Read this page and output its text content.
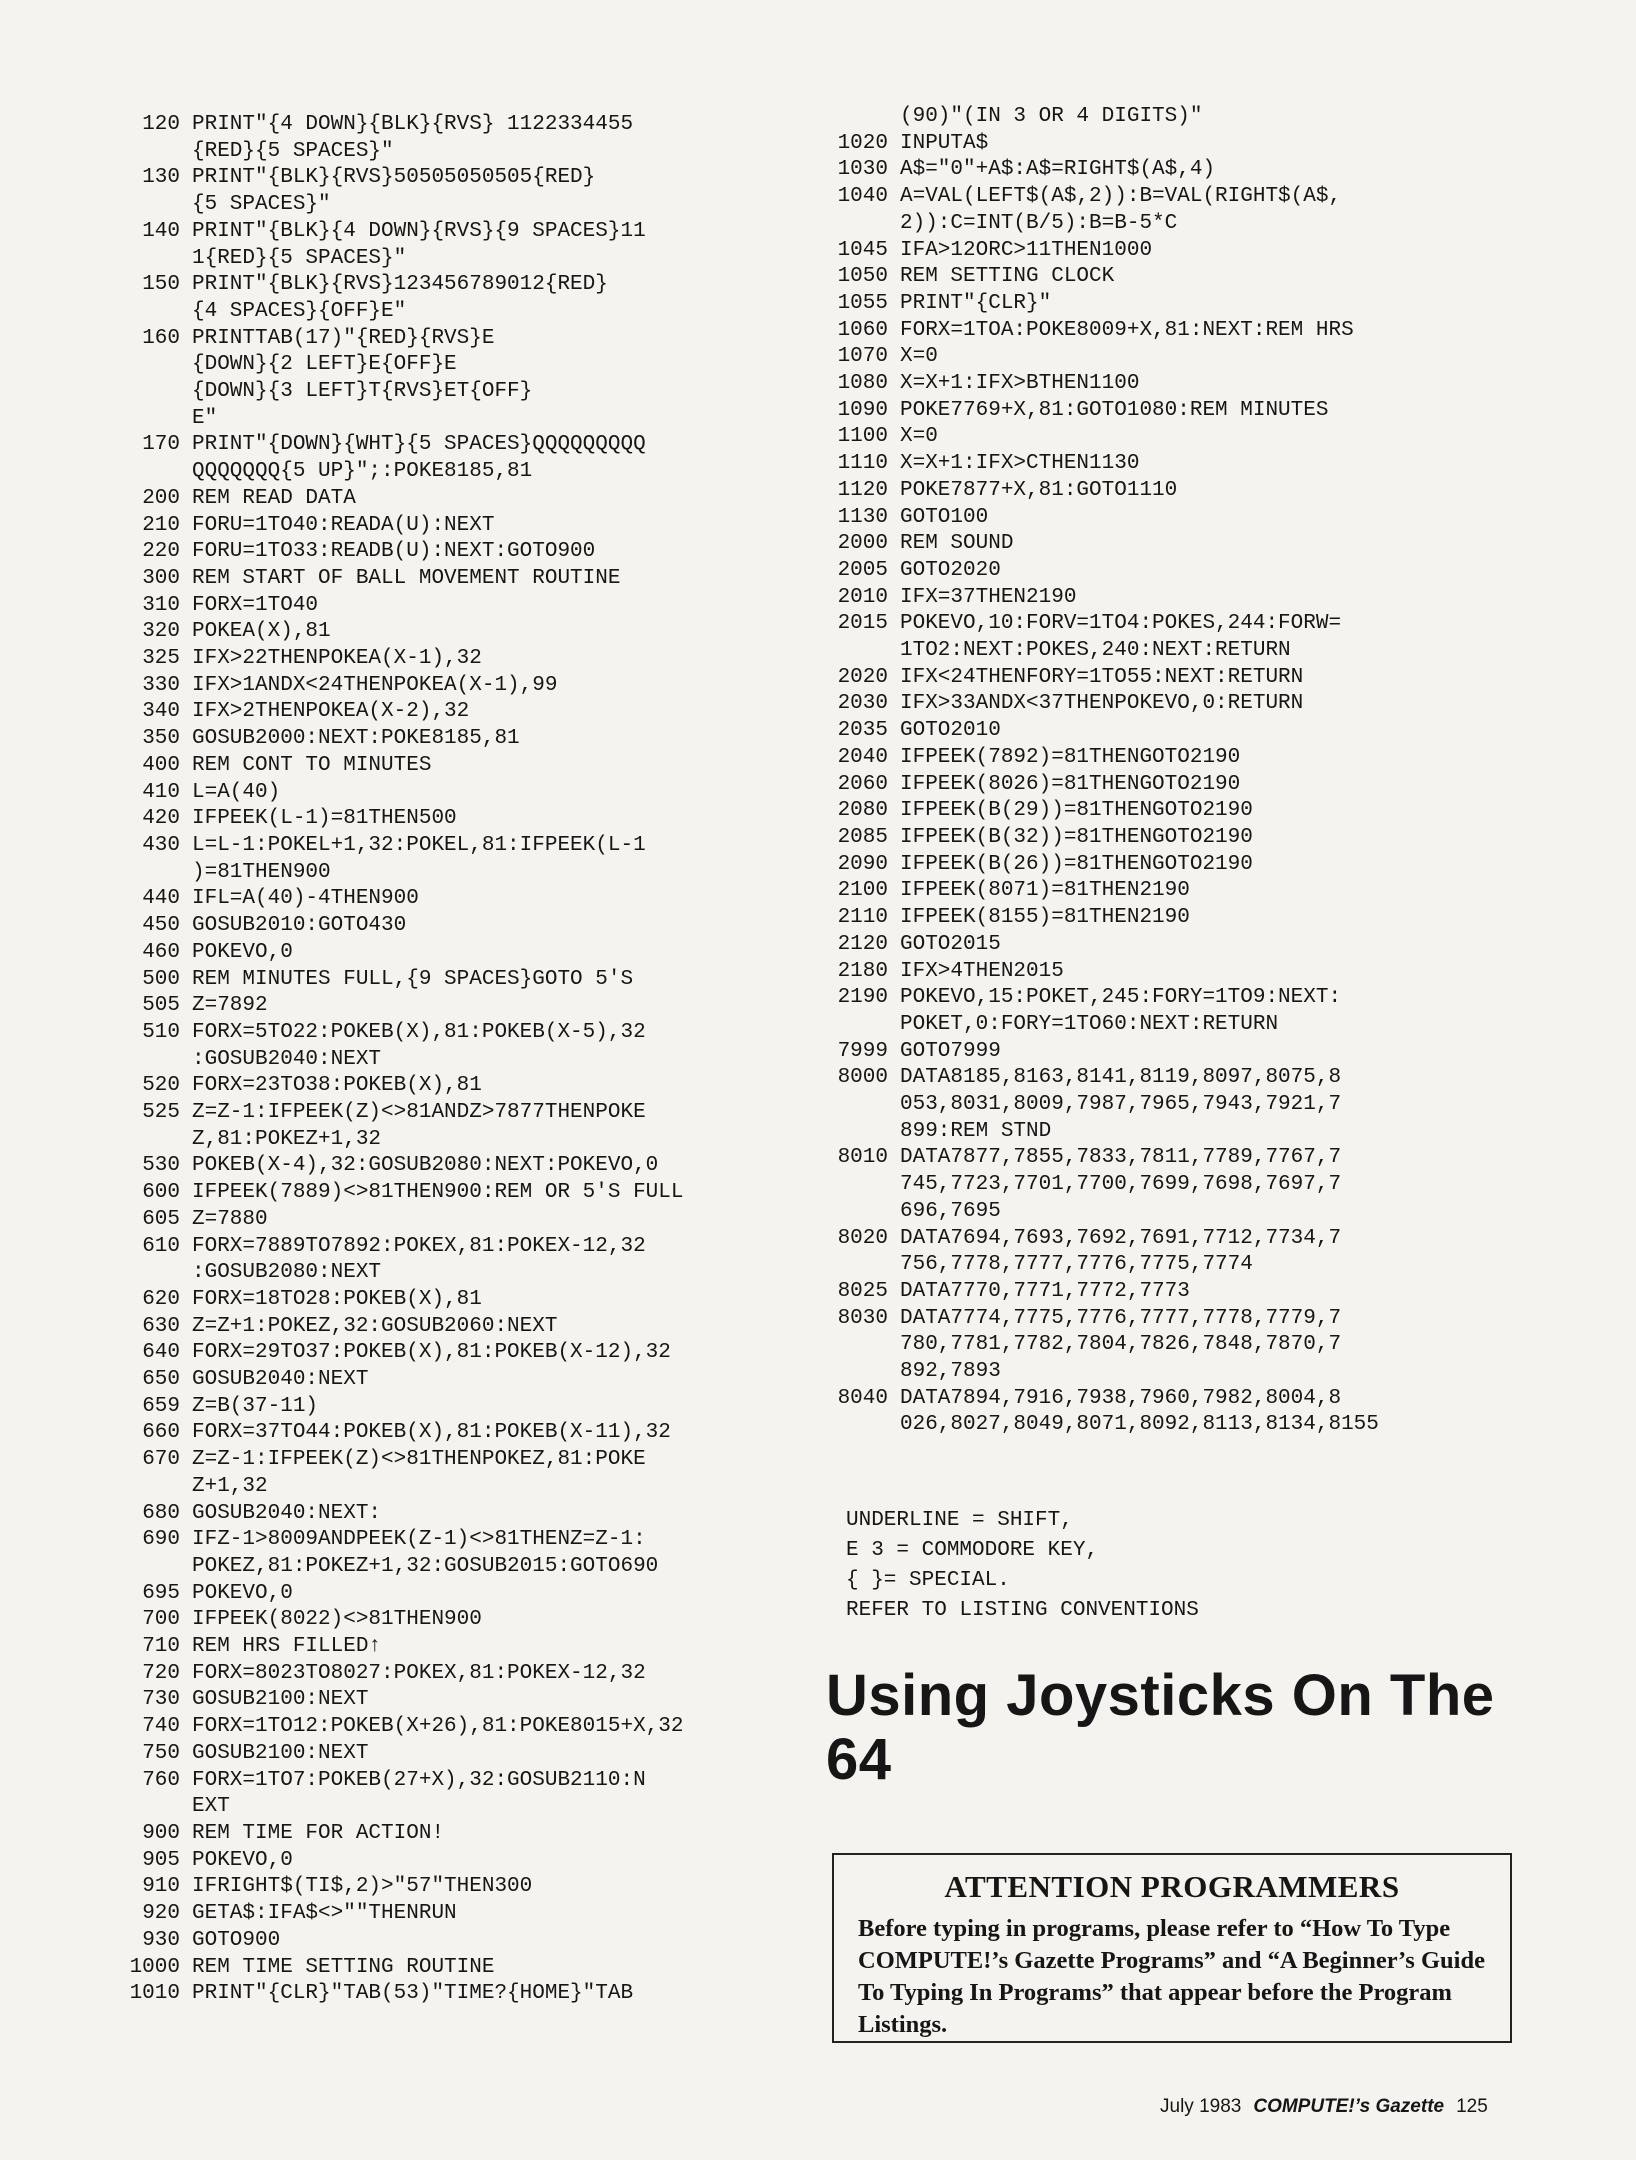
120 PRINT"{4 DOWN}{BLK}{RVS} 1122334455
{RED}{5 SPACES}"
130 PRINT"{BLK}{RVS}50505050505{RED}
{5 SPACES}"
140 PRINT"{BLK}{4 DOWN}{RVS}{9 SPACES}11
1{RED}{5 SPACES}"
150 PRINT"{BLK}{RVS}123456789012{RED}
{4 SPACES}{OFF}E"
160 PRINTTAB(17)"{RED}{RVS}E
{DOWN}{2 LEFT}E{OFF}E
{DOWN}{3 LEFT}T{RVS}ET{OFF}
E"
170 PRINT"{DOWN}{WHT}{5 SPACES}QQQQQQQQQ
QQQQQQQ{5 UP}";:POKE8185,81
200 REM READ DATA
210 FORU=1TO40:READA(U):NEXT
220 FORU=1TO33:READB(U):NEXT:GOTO900
300 REM START OF BALL MOVEMENT ROUTINE
310 FORX=1TO40
320 POKEA(X),81
325 IFX>22THENPOKEA(X-1),32
330 IFX>1ANDX<24THENPOKEA(X-1),99
340 IFX>2THENPOKEA(X-2),32
350 GOSUB2000:NEXT:POKE8185,81
400 REM CONT TO MINUTES
410 L=A(40)
420 IFPEEK(L-1)=81THEN500
430 L=L-1:POKEL+1,32:POKEL,81:IFPEEK(L-1
)=81THEN900
440 IFL=A(40)-4THEN900
450 GOSUB2010:GOTO430
460 POKEVO,0
500 REM MINUTES FULL,{9 SPACES}GOTO 5'S
505 Z=7892
510 FORX=5TO22:POKEB(X),81:POKEB(X-5),32
:GOSUB2040:NEXT
520 FORX=23TO38:POKEB(X),81
525 Z=Z-1:IFPEEK(Z)<>81ANDZ>7877THENPOKE
Z,81:POKEZ+1,32
530 POKEB(X-4),32:GOSUB2080:NEXT:POKEVO,0
600 IFPEEK(7889)<>81THEN900:REM OR 5'S FULL
605 Z=7880
610 FORX=7889TO7892:POKEX,81:POKEX-12,32
:GOSUB2080:NEXT
620 FORX=18TO28:POKEB(X),81
630 Z=Z+1:POKEZ,32:GOSUB2060:NEXT
640 FORX=29TO37:POKEB(X),81:POKEB(X-12),32
650 GOSUB2040:NEXT
659 Z=B(37-11)
660 FORX=37TO44:POKEB(X),81:POKEB(X-11),32
670 Z=Z-1:IFPEEK(Z)<>81THENPOKEZ,81:POKE
Z+1,32
680 GOSUB2040:NEXT:
690 IFZ-1>8009ANDPEEK(Z-1)<>81THENZ=Z-1:
POKEZ,81:POKEZ+1,32:GOSUB2015:GOTO690
695 POKEVO,0
700 IFPEEK(8022)<>81THEN900
710 REM HRS FILLED↑
720 FORX=8023TO8027:POKEX,81:POKEX-12,32
730 GOSUB2100:NEXT
740 FORX=1TO12:POKEB(X+26),81:POKE8015+X,32
750 GOSUB2100:NEXT
760 FORX=1TO7:POKEB(27+X),32:GOSUB2110:N
EXT
900 REM TIME FOR ACTION!
905 POKEVO,0
910 IFRIGHT$(TI$,2)>"57"THEN300
920 GETA$:IFA$<>""THENRUN
930 GOTO900
1000 REM TIME SETTING ROUTINE
1010 PRINT"{CLR}"TAB(53)"TIME?{HOME}"TAB
(90)"(IN 3 OR 4 DIGITS)"
1020 INPUTA$
1030 A$="0"+A$:A$=RIGHT$(A$,4)
1040 A=VAL(LEFT$(A$,2)):B=VAL(RIGHT$(A$,
2)):C=INT(B/5):B=B-5*C
1045 IFA>12ORC>11THEN1000
1050 REM SETTING CLOCK
1055 PRINT"{CLR}"
1060 FORX=1TOA:POKE8009+X,81:NEXT:REM HRS
1070 X=0
1080 X=X+1:IFX>BTHEN1100
1090 POKE7769+X,81:GOTO1080:REM MINUTES
1100 X=0
1110 X=X+1:IFX>CTHEN1130
1120 POKE7877+X,81:GOTO1110
1130 GOTO100
2000 REM SOUND
2005 GOTO2020
2010 IFX=37THEN2190
2015 POKEVO,10:FORV=1TO4:POKES,244:FORW=
1TO2:NEXT:POKES,240:NEXT:RETURN
2020 IFX<24THENFORY=1TO55:NEXT:RETURN
2030 IFX>33ANDX<37THENPOKEVO,0:RETURN
2035 GOTO2010
2040 IFPEEK(7892)=81THENGOTO2190
2060 IFPEEK(8026)=81THENGOTO2190
2080 IFPEEK(B(29))=81THENGOTO2190
2085 IFPEEK(B(32))=81THENGOTO2190
2090 IFPEEK(B(26))=81THENGOTO2190
2100 IFPEEK(8071)=81THEN2190
2110 IFPEEK(8155)=81THEN2190
2120 GOTO2015
2180 IFX>4THEN2015
2190 POKEVO,15:POKET,245:FORY=1TO9:NEXT:
POKET,0:FORY=1TO60:NEXT:RETURN
7999 GOTO7999
8000 DATA8185,8163,8141,8119,8097,8075,8
053,8031,8009,7987,7965,7943,7921,7
899:REM STND
8010 DATA7877,7855,7833,7811,7789,7767,7
745,7723,7701,7700,7699,7698,7697,7
696,7695
8020 DATA7694,7693,7692,7691,7712,7734,7
756,7778,7777,7776,7775,7774
8025 DATA7770,7771,7772,7773
8030 DATA7774,7775,7776,7777,7778,7779,7
780,7781,7782,7804,7826,7848,7870,7
892,7893
8040 DATA7894,7916,7938,7960,7982,8004,8
026,8027,8049,8071,8092,8113,8134,8155
UNDERLINE = SHIFT,
E 3 = COMMODORE KEY,
{ }= SPECIAL.
REFER TO LISTING CONVENTIONS
Using Joysticks On The 64

ATTENTION PROGRAMMERS

Before typing in programs, please refer to “How To Type COMPUTE!’s Gazette Programs” and “A Beginner’s Guide To Typing In Programs” that appear before the Program Listings.

July 1983 COMPUTE!’s Gazette 125
